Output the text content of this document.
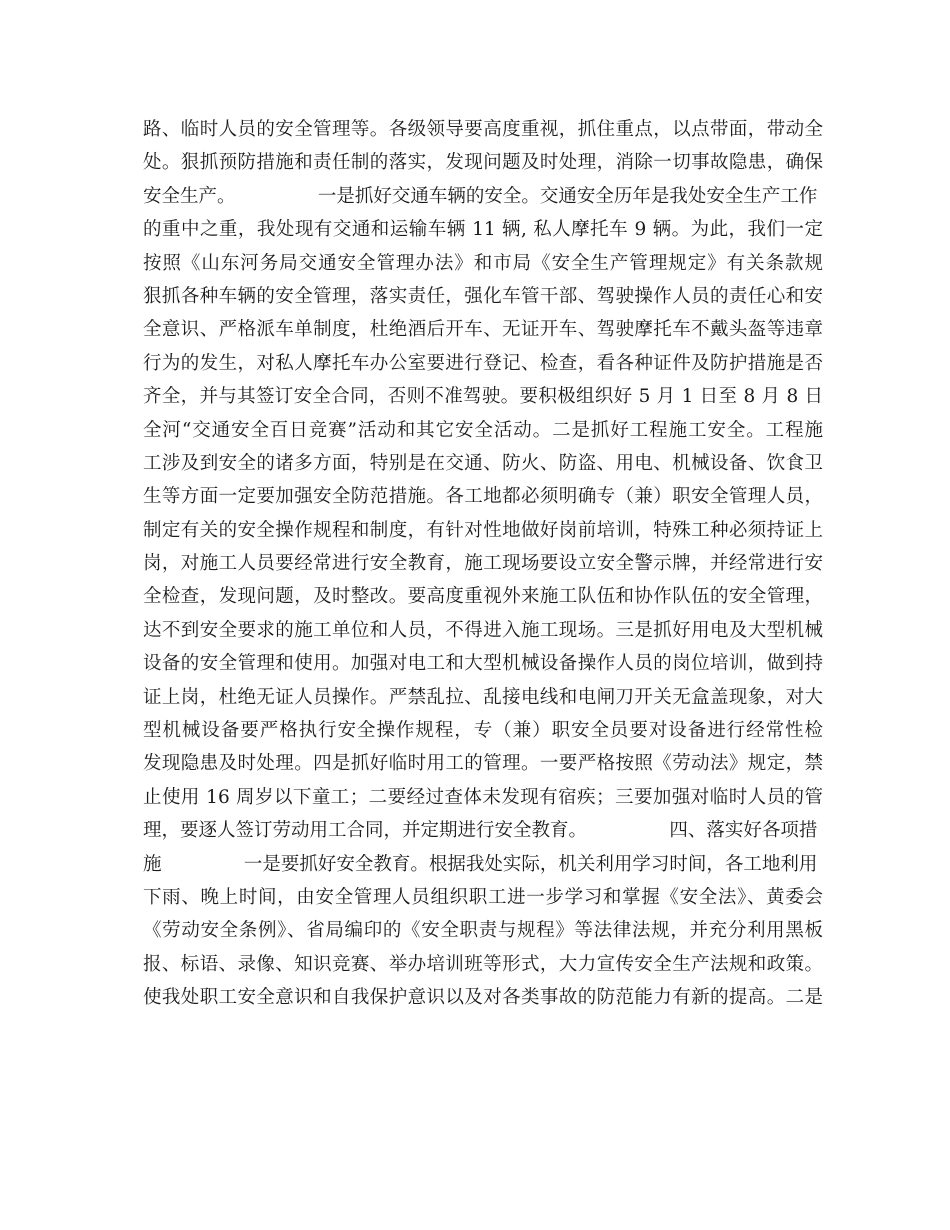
路、临时人员的安全管理等。各级领导要高度重视，抓住重点，以点带面，带动全
处。狠抓预防措施和责任制的落实，发现问题及时处理，消除一切事故隐患，确保
安全生产。              一是抓好交通车辆的安全。交通安全历年是我处安全生产工作
的重中之重，我处现有交通和运输车辆 11 辆, 私人摩托车 9 辆。为此，我们一定
按照《山东河务局交通安全管理办法》和市局《安全生产管理规定》有关条款规
狠抓各种车辆的安全管理，落实责任，强化车管干部、驾驶操作人员的责任心和安
全意识、严格派车单制度，杜绝酒后开车、无证开车、驾驶摩托车不戴头盔等违章
行为的发生，对私人摩托车办公室要进行登记、检查，看各种证件及防护措施是否
齐全，并与其签订安全合同，否则不准驾驶。要积极组织好 5 月 1 日至 8 月 8 日
全河“交通安全百日竞赛”活动和其它安全活动。二是抓好工程施工安全。工程施
工涉及到安全的诸多方面，特别是在交通、防火、防盗、用电、机械设备、饮食卫
生等方面一定要加强安全防范措施。各工地都必须明确专（兼）职安全管理人员，
制定有关的安全操作规程和制度，有针对性地做好岗前培训，特殊工种必须持证上
岗，对施工人员要经常进行安全教育，施工现场要设立安全警示牌，并经常进行安
全检查，发现问题，及时整改。要高度重视外来施工队伍和协作队伍的安全管理，
达不到安全要求的施工单位和人员，不得进入施工现场。三是抓好用电及大型机械
设备的安全管理和使用。加强对电工和大型机械设备操作人员的岗位培训，做到持
证上岗，杜绝无证人员操作。严禁乱拉、乱接电线和电闸刀开关无盒盖现象，对大
型机械设备要严格执行安全操作规程，专（兼）职安全员要对设备进行经常性检
发现隐患及时处理。四是抓好临时用工的管理。一要严格按照《劳动法》规定，禁
止使用 16 周岁以下童工；二要经过查体未发现有宿疾；三要加强对临时人员的管
理，要逐人签订劳动用工合同，并定期进行安全教育。              四、落实好各项措
施              一是要抓好安全教育。根据我处实际，机关利用学习时间，各工地利用
下雨、晚上时间，由安全管理人员组织职工进一步学习和掌握《安全法》、黄委会
《劳动安全条例》、省局编印的《安全职责与规程》等法律法规，并充分利用黑板
报、标语、录像、知识竞赛、举办培训班等形式，大力宣传安全生产法规和政策。
使我处职工安全意识和自我保护意识以及对各类事故的防范能力有新的提高。二是
